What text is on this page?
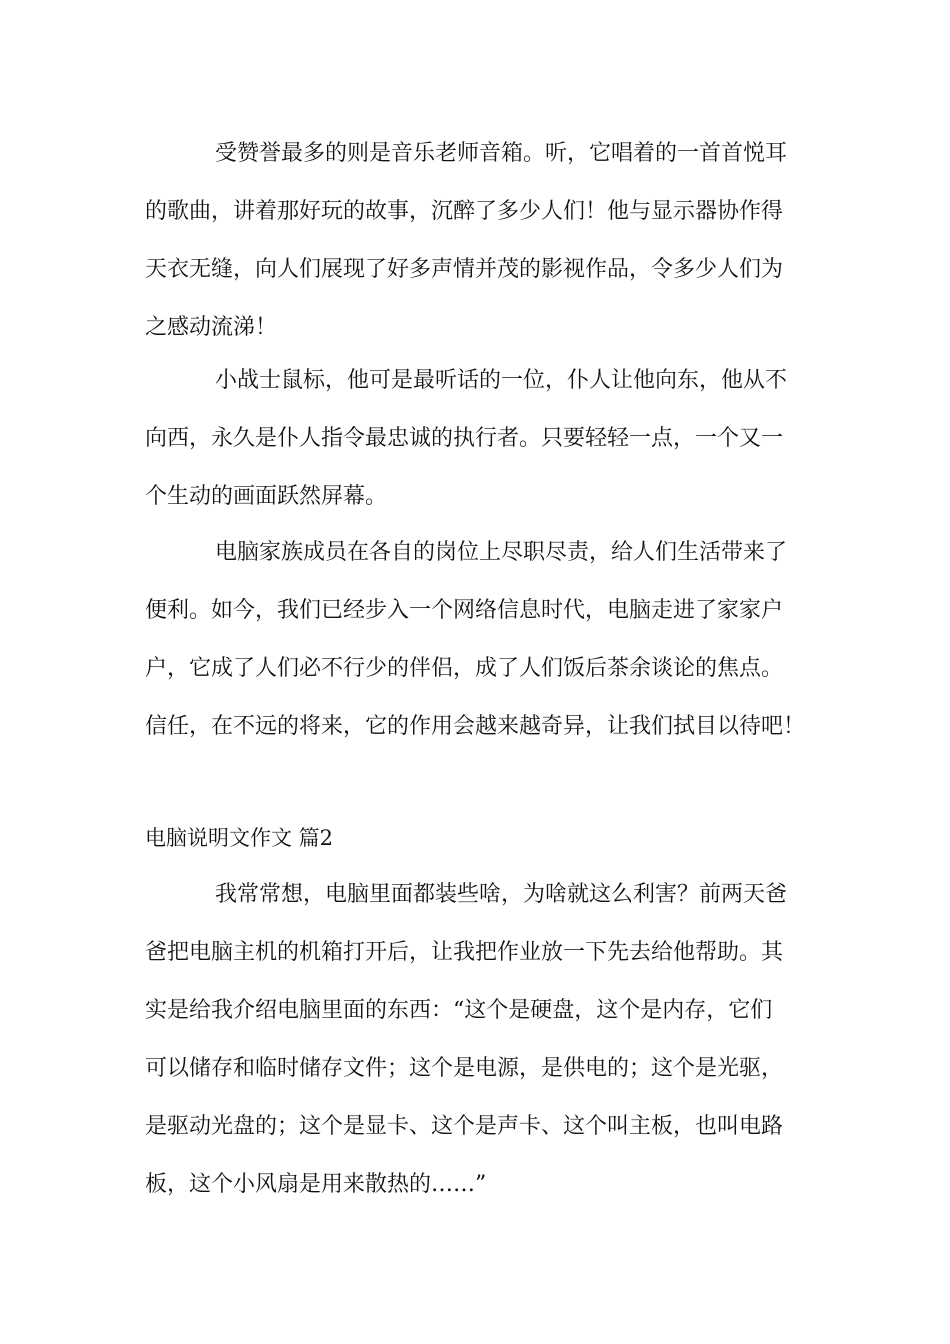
受赞誉最多的则是音乐老师音箱。听，它唱着的一首首悦耳
的歌曲，讲着那好玩的故事，沉醉了多少人们！他与显示器协作得
天衣无缝，向人们展现了好多声情并茂的影视作品，令多少人们为
之感动流涕！
小战士鼠标，他可是最听话的一位，仆人让他向东，他从不
向西，永久是仆人指令最忠诚的执行者。只要轻轻一点，一个又一
个生动的画面跃然屏幕。
电脑家族成员在各自的岗位上尽职尽责，给人们生活带来了
便利。如今，我们已经步入一个网络信息时代，电脑走进了家家户
户，它成了人们必不行少的伴侣，成了人们饭后茶余谈论的焦点。
信任，在不远的将来，它的作用会越来越奇异，让我们拭目以待吧！
电脑说明文作文 篇2
我常常想，电脑里面都装些啥，为啥就这么利害？前两天爸
爸把电脑主机的机箱打开后，让我把作业放一下先去给他帮助。其
实是给我介绍电脑里面的东西：“这个是硬盘，这个是内存，它们
可以储存和临时储存文件；这个是电源，是供电的；这个是光驱，
是驱动光盘的；这个是显卡、这个是声卡、这个叫主板，也叫电路
板，这个小风扇是用来散热的……”
